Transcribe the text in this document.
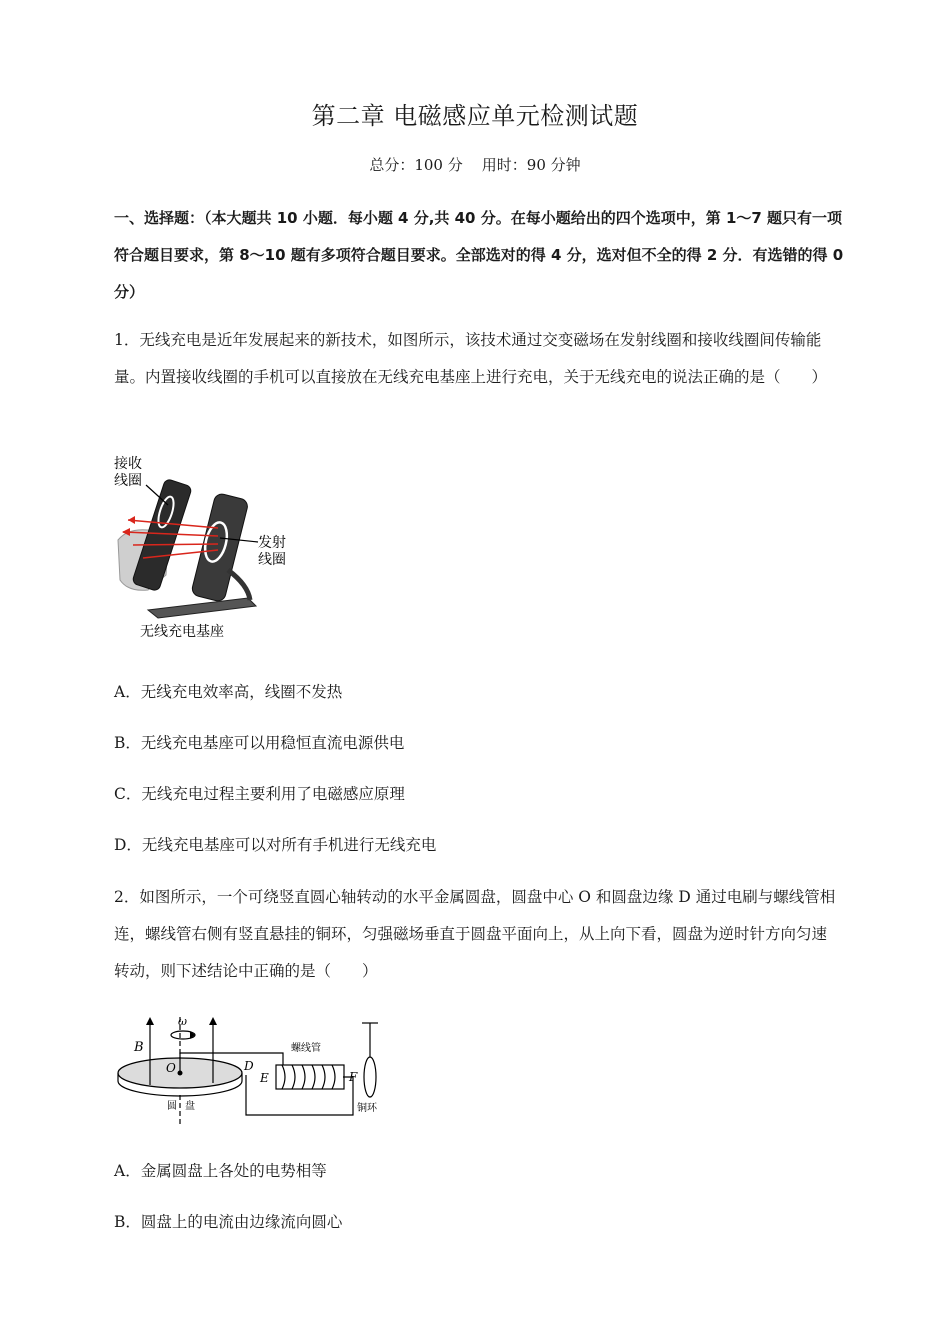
第二章 电磁感应单元检测试题
总分：100 分    用时：90 分钟
一、选择题：（本大题共 10 小题．每小题 4 分,共 40 分。在每小题给出的四个选项中，第 1～7 题只有一项符合题目要求，第 8～10 题有多项符合题目要求。全部选对的得 4 分，选对但不全的得 2 分．有选错的得 0 分）
1．无线充电是近年发展起来的新技术，如图所示，该技术通过交变磁场在发射线圈和接收线圈间传输能量。内置接收线圈的手机可以直接放在无线充电基座上进行充电，关于无线充电的说法正确的是（　　）
接收
线圈
发射
线圈
无线充电基座
A．无线充电效率高，线圈不发热
B．无线充电基座可以用稳恒直流电源供电
C．无线充电过程主要利用了电磁感应原理
D．无线充电基座可以对所有手机进行无线充电
2．如图所示，一个可绕竖直圆心轴转动的水平金属圆盘，圆盘中心 O 和圆盘边缘 D 通过电刷与螺线管相连，螺线管右侧有竖直悬挂的铜环，匀强磁场垂直于圆盘平面向上，从上向下看，圆盘为逆时针方向匀速转动，则下述结论中正确的是（　　）
B
ω
O	D
E	F
螺线管
圆 盘	铜环
A．金属圆盘上各处的电势相等
B．圆盘上的电流由边缘流向圆心
